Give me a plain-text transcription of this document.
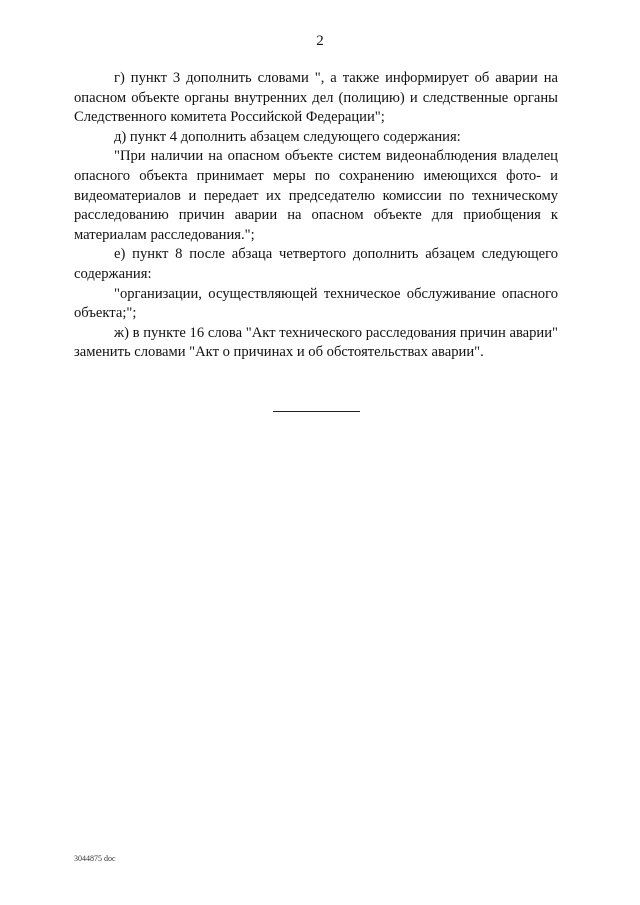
2

г) пункт 3 дополнить словами ", а также информирует об аварии на опасном объекте органы внутренних дел (полицию) и следственные органы Следственного комитета Российской Федерации";

д) пункт 4 дополнить абзацем следующего содержания:

"При наличии на опасном объекте систем видеонаблюдения владелец опасного объекта принимает меры по сохранению имеющихся фото- и видеоматериалов и передает их председателю комиссии по техническому расследованию причин аварии на опасном объекте для приобщения к материалам расследования.";

е) пункт 8 после абзаца четвертого дополнить абзацем следующего содержания:

"организации, осуществляющей техническое обслуживание опасного объекта;";

ж) в пункте 16 слова "Акт технического расследования причин аварии" заменить словами "Акт о причинах и об обстоятельствах аварии".

3044875 doc
